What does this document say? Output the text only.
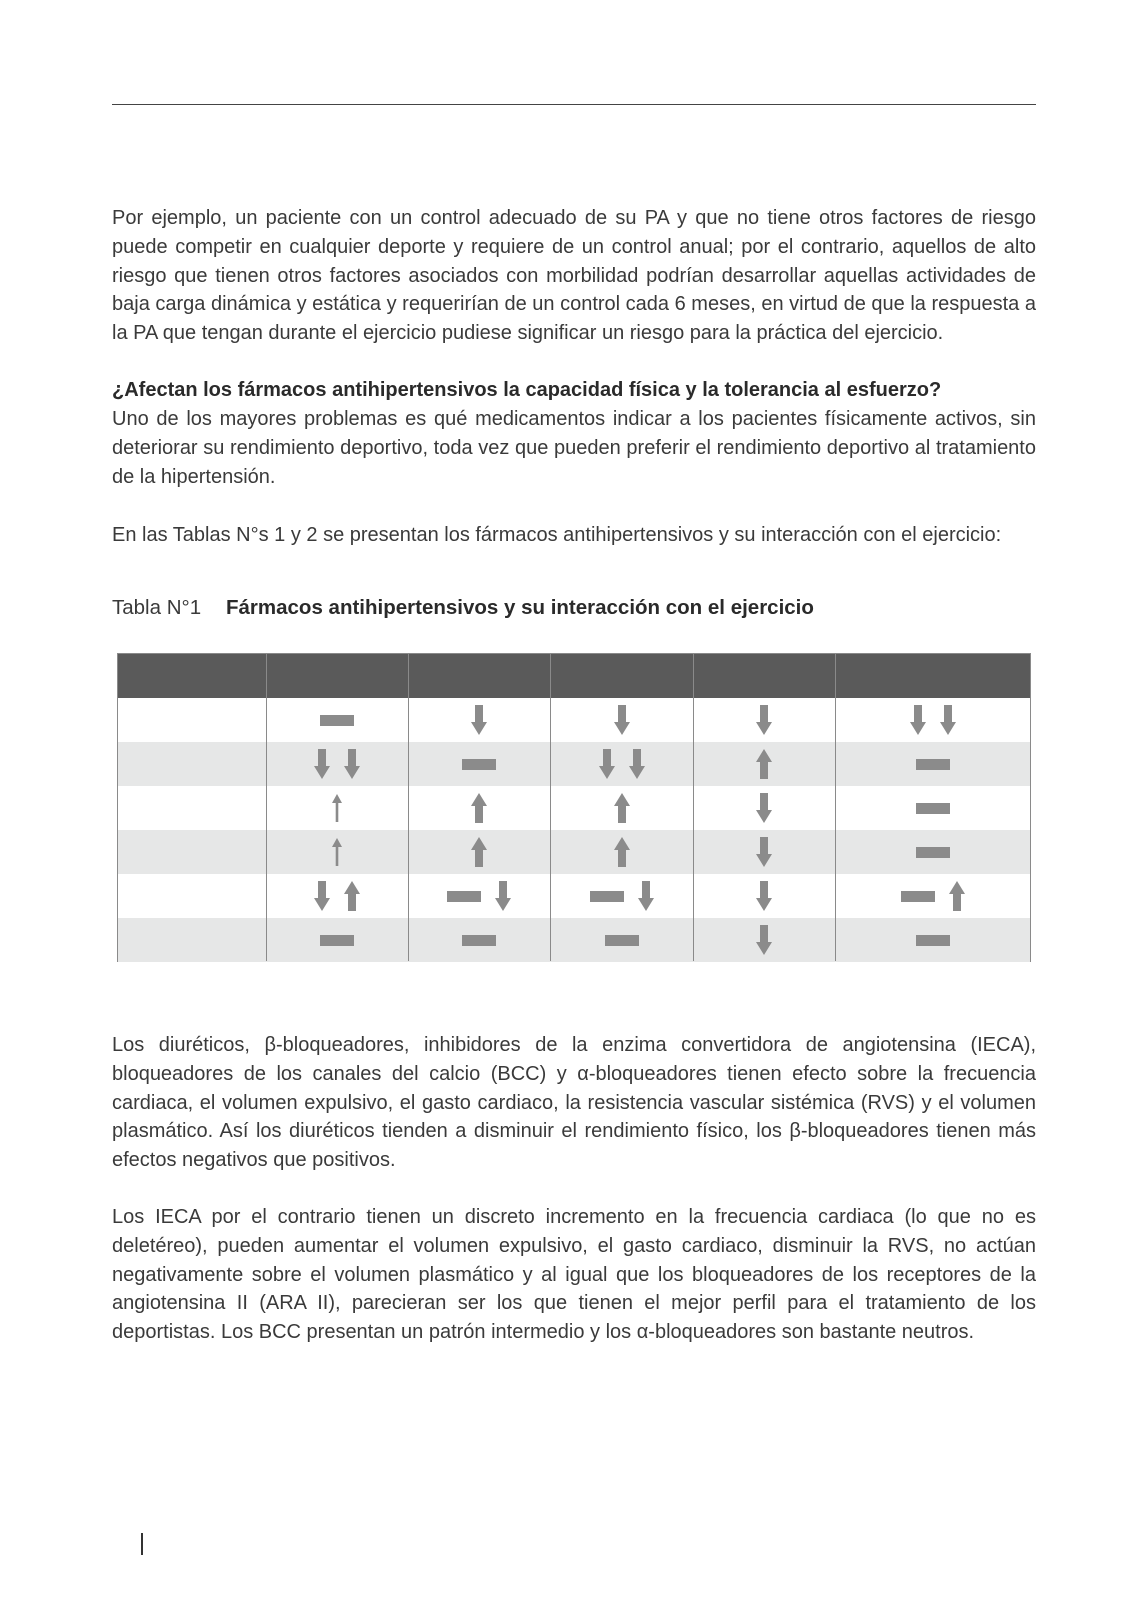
Por ejemplo, un paciente con un control adecuado de su PA y que no tiene otros factores de riesgo puede competir en cualquier deporte y requiere de un control anual; por el contrario, aquellos de alto riesgo que tienen otros factores asociados con morbilidad podrían desarrollar aquellas actividades de baja carga dinámica y estática y requerirían de un control cada 6 meses, en virtud de que la respuesta a la PA que tengan durante el ejercicio pudiese significar un riesgo para la práctica del ejercicio.

¿Afectan los fármacos antihipertensivos la capacidad física y la tolerancia al esfuerzo?

Uno de los mayores problemas es qué medicamentos indicar a los pacientes físicamente activos, sin deteriorar su rendimiento deportivo, toda vez que pueden preferir el rendimiento deportivo al tratamiento de la hipertensión.

En las Tablas N°s 1 y 2 se presentan los fármacos antihipertensivos y su interacción con el ejercicio:

Tabla N°1 Fármacos antihipertensivos y su interacción con el ejercicio

Los diuréticos, β-bloqueadores, inhibidores de la enzima convertidora de angiotensina (IECA), bloqueadores de los canales del calcio (BCC) y α-bloqueadores tienen efecto sobre la frecuencia cardiaca, el volumen expulsivo, el gasto cardiaco, la resistencia vascular sistémica (RVS) y el volumen plasmático. Así los diuréticos tienden a disminuir el rendimiento físico, los β-bloqueadores tienen más efectos negativos que positivos.

Los IECA por el contrario tienen un discreto incremento en la frecuencia cardiaca (lo que no es deletéreo), pueden aumentar el volumen expulsivo, el gasto cardiaco, disminuir la RVS, no actúan negativamente sobre el volumen plasmático y al igual que los bloqueadores de los receptores de la angiotensina II (ARA II), parecieran ser los que tienen el mejor perfil para el tratamiento de los deportistas. Los BCC presentan un patrón intermedio y los α-bloqueadores son bastante neutros.
